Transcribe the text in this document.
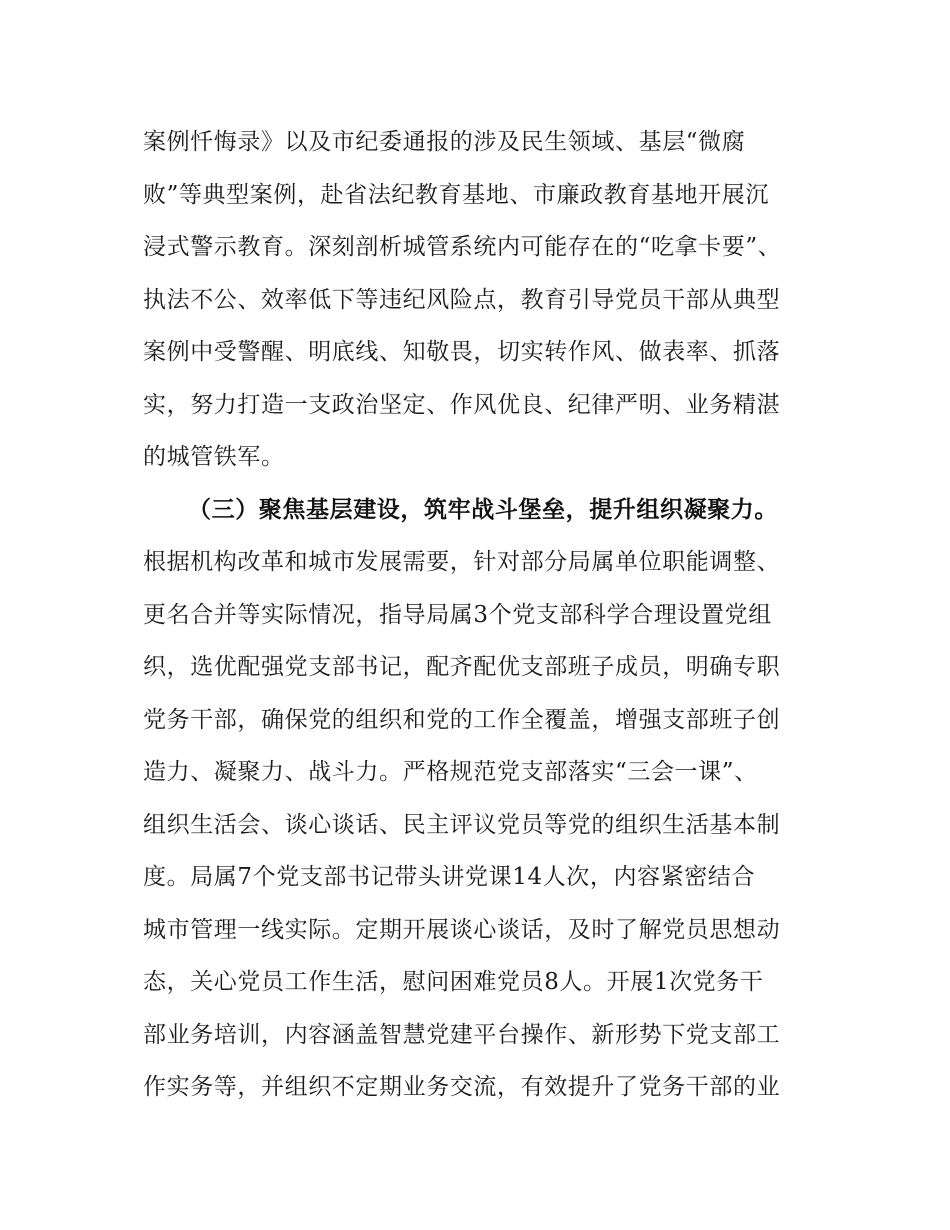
案例忏悔录》以及市纪委通报的涉及民生领域、基层“微腐
败”等典型案例，赴省法纪教育基地、市廉政教育基地开展沉
浸式警示教育。深刻剖析城管系统内可能存在的“吃拿卡要”、
执法不公、效率低下等违纪风险点，教育引导党员干部从典型
案例中受警醒、明底线、知敬畏，切实转作风、做表率、抓落
实，努力打造一支政治坚定、作风优良、纪律严明、业务精湛
的城管铁军。
（三）聚焦基层建设，筑牢战斗堡垒，提升组织凝聚力。
根据机构改革和城市发展需要，针对部分局属单位职能调整、
更名合并等实际情况，指导局属3个党支部科学合理设置党组
织，选优配强党支部书记，配齐配优支部班子成员，明确专职
党务干部，确保党的组织和党的工作全覆盖，增强支部班子创
造力、凝聚力、战斗力。严格规范党支部落实“三会一课”、
组织生活会、谈心谈话、民主评议党员等党的组织生活基本制
度。局属7个党支部书记带头讲党课14人次，内容紧密结合
城市管理一线实际。定期开展谈心谈话，及时了解党员思想动
态，关心党员工作生活，慰问困难党员8人。开展1次党务干
部业务培训，内容涵盖智慧党建平台操作、新形势下党支部工
作实务等，并组织不定期业务交流，有效提升了党务干部的业
